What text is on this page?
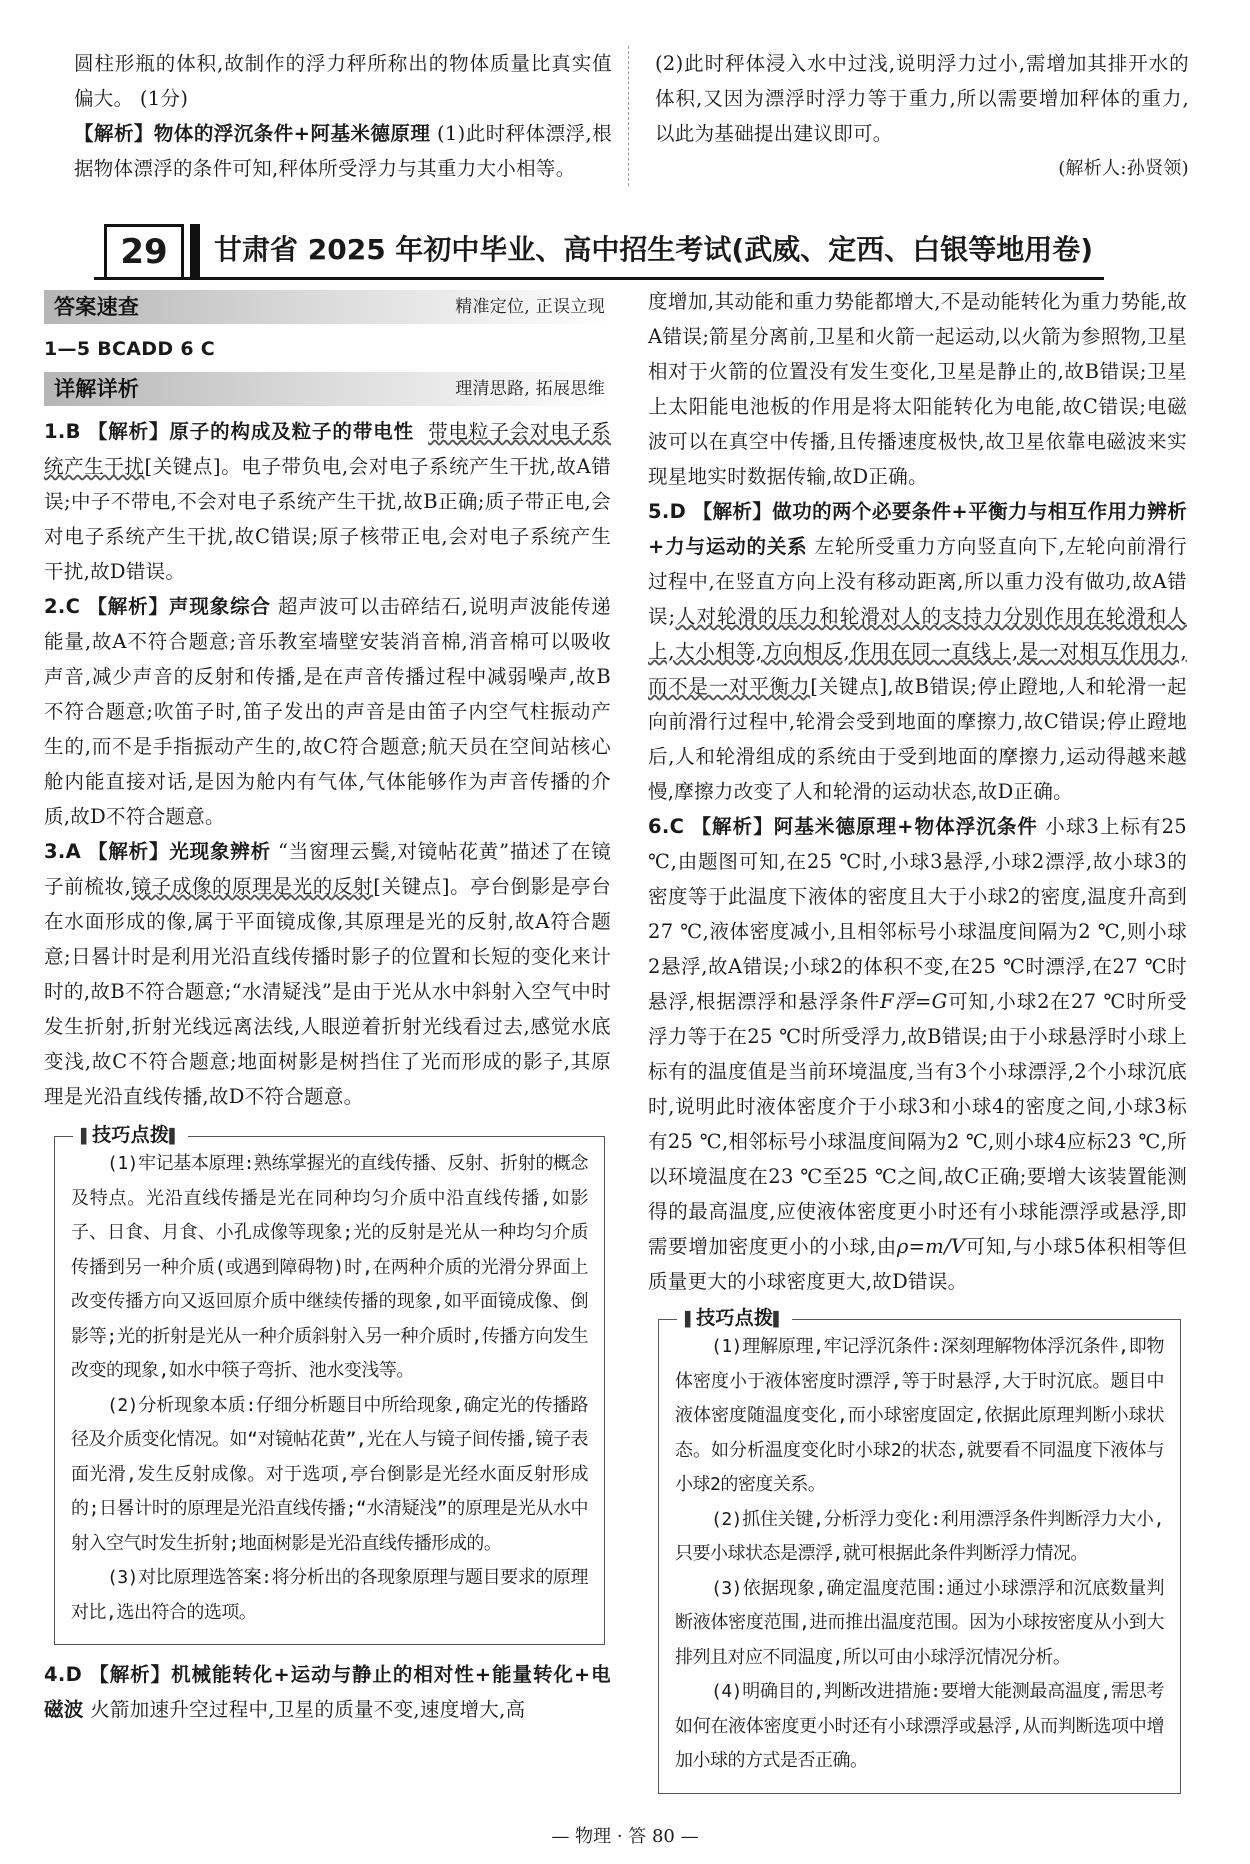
圆柱形瓶的体积,故制作的浮力秤所称出的物体质量比真实值偏大。 (1分)
【解析】物体的浮沉条件+阿基米德原理 (1)此时秤体漂浮,根据物体漂浮的条件可知,秤体所受浮力与其重力大小相等。
(2)此时秤体浸入水中过浅,说明浮力过小,需增加其排开水的体积,又因为漂浮时浮力等于重力,所以需要增加秤体的重力,以此为基础提出建议即可。
(解析人:孙贤领)
29	甘肃省 2025 年初中毕业、高中招生考试(武威、定西、白银等地用卷)
答案速查	精准定位, 正误立现
1—5 BCADD 6 C
详解详析	理清思路, 拓展思维
1.B 【解析】原子的构成及粒子的带电性 带电粒子会对电子系统产生干扰[关键点]。电子带负电,会对电子系统产生干扰,故A错误;中子不带电,不会对电子系统产生干扰,故B正确;质子带正电,会对电子系统产生干扰,故C错误;原子核带正电,会对电子系统产生干扰,故D错误。
2.C 【解析】声现象综合 超声波可以击碎结石,说明声波能传递能量,故A不符合题意;音乐教室墙壁安装消音棉,消音棉可以吸收声音,减少声音的反射和传播,是在声音传播过程中减弱噪声,故B不符合题意;吹笛子时,笛子发出的声音是由笛子内空气柱振动产生的,而不是手指振动产生的,故C符合题意;航天员在空间站核心舱内能直接对话,是因为舱内有气体,气体能够作为声音传播的介质,故D不符合题意。
3.A 【解析】光现象辨析 “当窗理云鬓,对镜帖花黄”描述了在镜子前梳妆,镜子成像的原理是光的反射[关键点]。亭台倒影是亭台在水面形成的像,属于平面镜成像,其原理是光的反射,故A符合题意;日晷计时是利用光沿直线传播时影子的位置和长短的变化来计时的,故B不符合题意;“水清疑浅”是由于光从水中斜射入空气中时发生折射,折射光线远离法线,人眼逆着折射光线看过去,感觉水底变浅,故C不符合题意;地面树影是树挡住了光而形成的影子,其原理是光沿直线传播,故D不符合题意。
▌ 技巧点拨 ▌

(1)牢记基本原理:熟练掌握光的直线传播、反射、折射的概念及特点。光沿直线传播是光在同种均匀介质中沿直线传播,如影子、日食、月食、小孔成像等现象;光的反射是光从一种均匀介质传播到另一种介质(或遇到障碍物)时,在两种介质的光滑分界面上改变传播方向又返回原介质中继续传播的现象,如平面镜成像、倒影等;光的折射是光从一种介质斜射入另一种介质时,传播方向发生改变的现象,如水中筷子弯折、池水变浅等。

(2)分析现象本质:仔细分析题目中所给现象,确定光的传播路径及介质变化情况。如“对镜帖花黄”,光在人与镜子间传播,镜子表面光滑,发生反射成像。对于选项,亭台倒影是光经水面反射形成的;日晷计时的原理是光沿直线传播;“水清疑浅”的原理是光从水中射入空气时发生折射;地面树影是光沿直线传播形成的。

(3)对比原理选答案:将分析出的各现象原理与题目要求的原理对比,选出符合的选项。

4.D 【解析】机械能转化+运动与静止的相对性+能量转化+电磁波 火箭加速升空过程中,卫星的质量不变,速度增大,高
度增加,其动能和重力势能都增大,不是动能转化为重力势能,故A错误;箭星分离前,卫星和火箭一起运动,以火箭为参照物,卫星相对于火箭的位置没有发生变化,卫星是静止的,故B错误;卫星上太阳能电池板的作用是将太阳能转化为电能,故C错误;电磁波可以在真空中传播,且传播速度极快,故卫星依靠电磁波来实现星地实时数据传输,故D正确。
5.D 【解析】做功的两个必要条件+平衡力与相互作用力辨析+力与运动的关系 左轮所受重力方向竖直向下,左轮向前滑行过程中,在竖直方向上没有移动距离,所以重力没有做功,故A错误;人对轮滑的压力和轮滑对人的支持力分别作用在轮滑和人上,大小相等,方向相反,作用在同一直线上,是一对相互作用力,而不是一对平衡力[关键点],故B错误;停止蹬地,人和轮滑一起向前滑行过程中,轮滑会受到地面的摩擦力,故C错误;停止蹬地后,人和轮滑组成的系统由于受到地面的摩擦力,运动得越来越慢,摩擦力改变了人和轮滑的运动状态,故D正确。
6.C 【解析】阿基米德原理+物体浮沉条件 小球3上标有25 ℃,由题图可知,在25 ℃时,小球3悬浮,小球2漂浮,故小球3的密度等于此温度下液体的密度且大于小球2的密度,温度升高到27 ℃,液体密度减小,且相邻标号小球温度间隔为2 ℃,则小球2悬浮,故A错误;小球2的体积不变,在25 ℃时漂浮,在27 ℃时悬浮,根据漂浮和悬浮条件F浮=G可知,小球2在27 ℃时所受浮力等于在25 ℃时所受浮力,故B错误;由于小球悬浮时小球上标有的温度值是当前环境温度,当有3个小球漂浮,2个小球沉底时,说明此时液体密度介于小球3和小球4的密度之间,小球3标有25 ℃,相邻标号小球温度间隔为2 ℃,则小球4应标23 ℃,所以环境温度在23 ℃至25 ℃之间,故C正确;要增大该装置能测得的最高温度,应使液体密度更小时还有小球能漂浮或悬浮,即需要增加密度更小的小球,由ρ=m/V可知,与小球5体积相等但质量更大的小球密度更大,故D错误。
▌ 技巧点拨 ▌

(1)理解原理,牢记浮沉条件:深刻理解物体浮沉条件,即物体密度小于液体密度时漂浮,等于时悬浮,大于时沉底。题目中液体密度随温度变化,而小球密度固定,依据此原理判断小球状态。如分析温度变化时小球2的状态,就要看不同温度下液体与小球2的密度关系。

(2)抓住关键,分析浮力变化:利用漂浮条件判断浮力大小,只要小球状态是漂浮,就可根据此条件判断浮力情况。

(3)依据现象,确定温度范围:通过小球漂浮和沉底数量判断液体密度范围,进而推出温度范围。因为小球按密度从小到大排列且对应不同温度,所以可由小球浮沉情况分析。

(4)明确目的,判断改进措施:要增大能测最高温度,需思考如何在液体密度更小时还有小球漂浮或悬浮,从而判断选项中增加小球的方式是否正确。

— 物理 · 答 80 —
